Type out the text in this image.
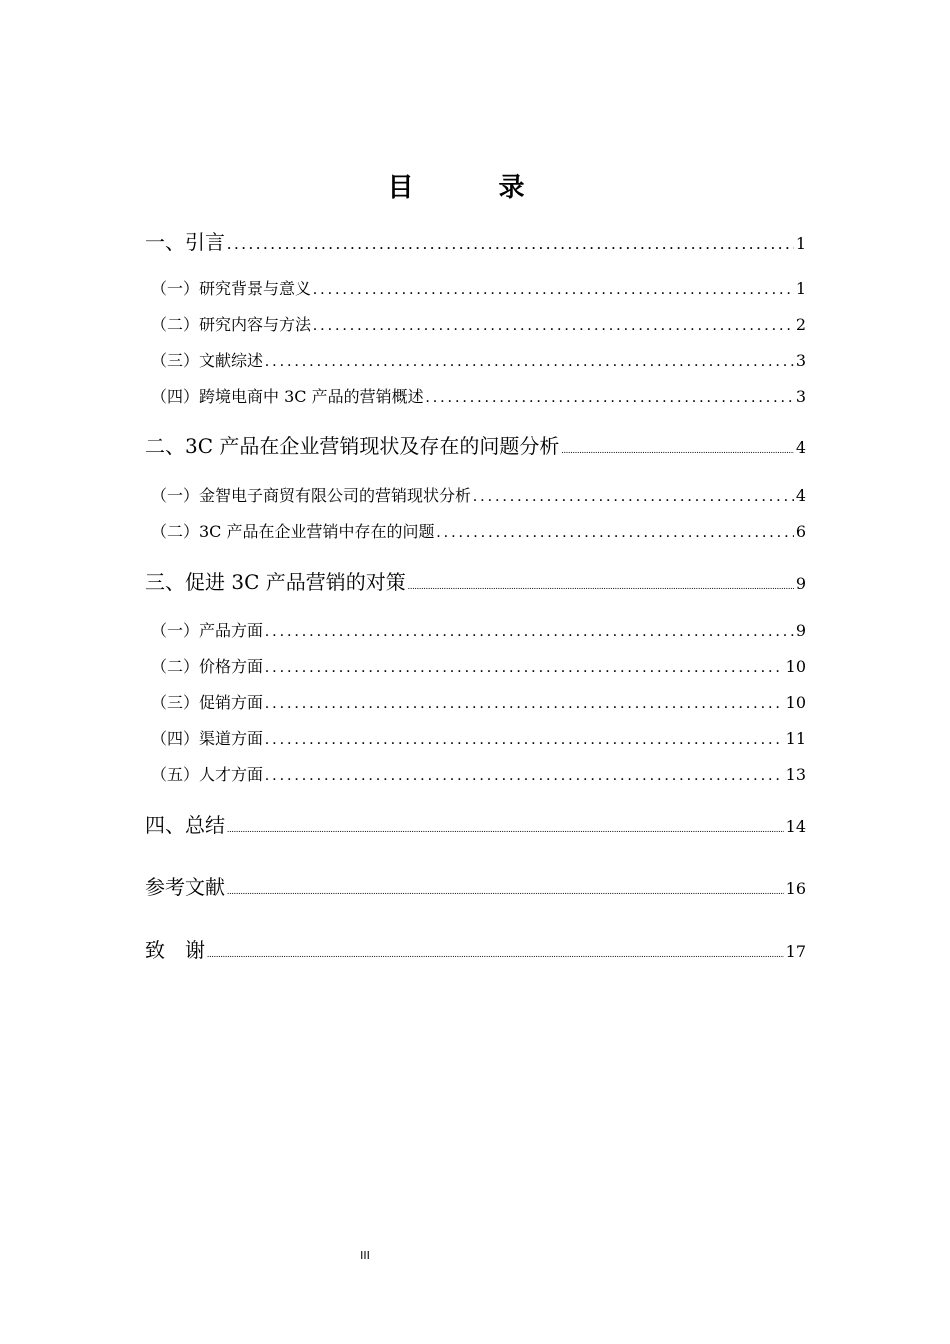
目 录
一、引言 .....	1
（一）研究背景与意义 .....	1
（二）研究内容与方法 .....	2
（三）文献综述 .....	3
（四）跨境电商中 3C 产品的营销概述 .....	3
二、3C 产品在企业营销现状及存在的问题分析 .....	4
（一）金智电子商贸有限公司的营销现状分析 .....	4
（二）3C 产品在企业营销中存在的问题 .....	6
三、促进 3C 产品营销的对策 .....	9
（一）产品方面 .....	9
（二）价格方面 .....	10
（三）促销方面 .....	10
（四）渠道方面 .....	11
（五）人才方面 .....	13
四、总结 .....	14
参考文献 .....	16
致　谢 .....	17
III
